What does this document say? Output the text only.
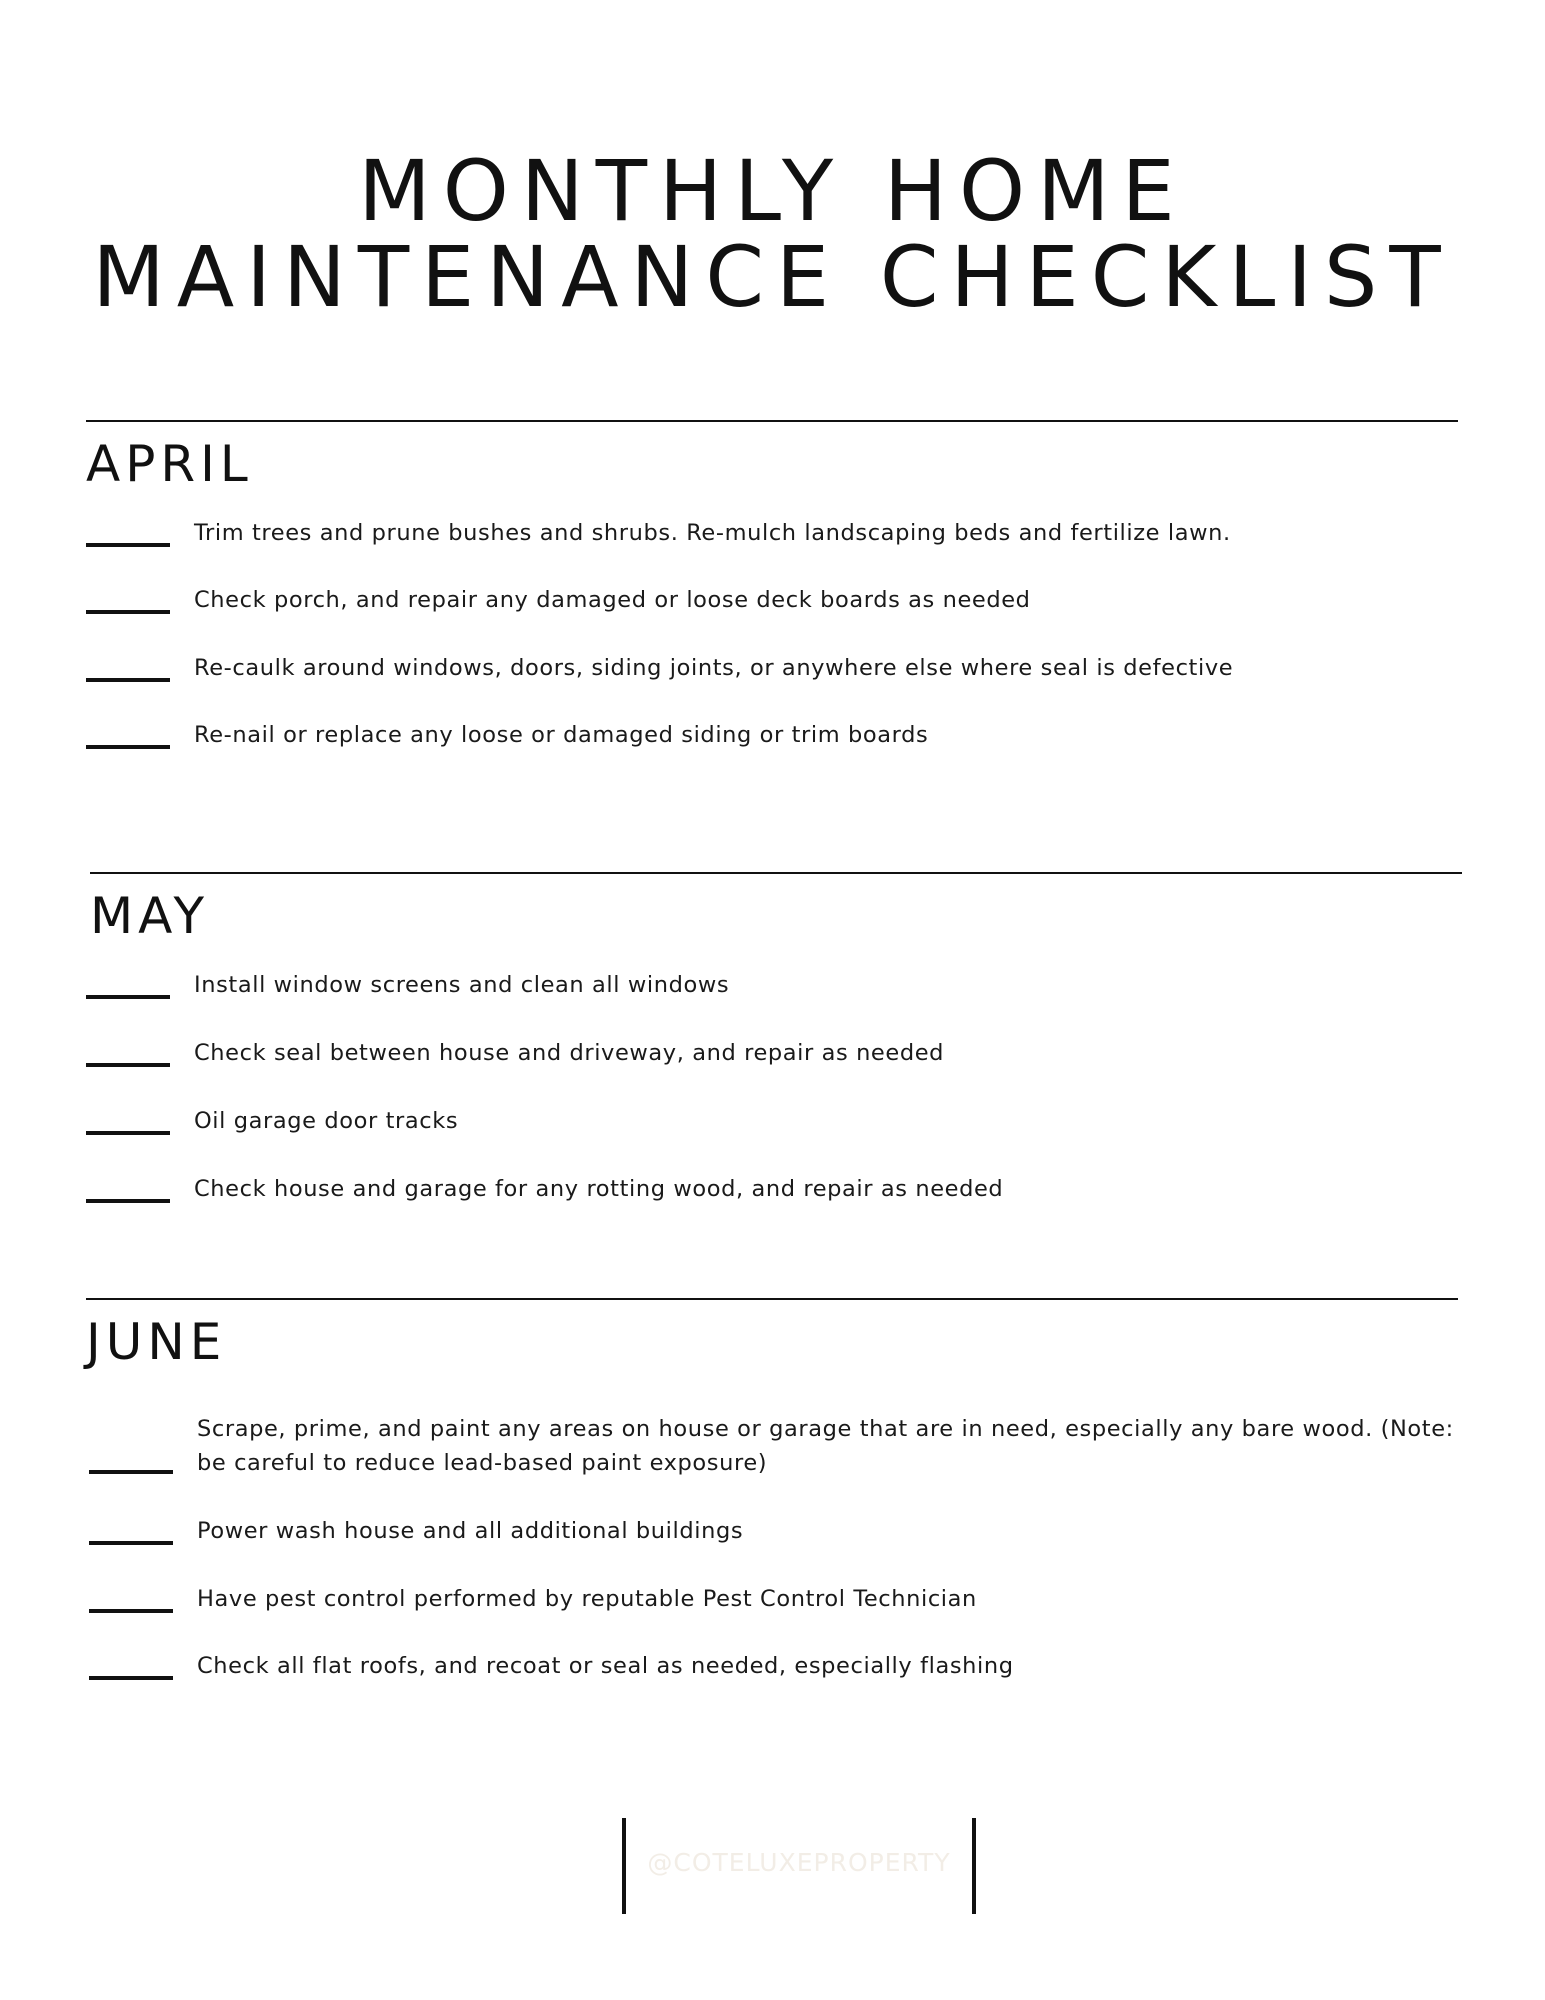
MONTHLY HOME
MAINTENANCE CHECKLIST
APRIL
Trim trees and prune bushes and shrubs. Re-mulch landscaping beds and fertilize lawn.
Check porch, and repair any damaged or loose deck boards as needed
Re-caulk around windows, doors, siding joints, or anywhere else where seal is defective
Re-nail or replace any loose or damaged siding or trim boards
MAY
Install window screens and clean all windows
Check seal between house and driveway, and repair as needed
Oil garage door tracks
Check house and garage for any rotting wood, and repair as needed
JUNE
Scrape, prime, and paint any areas on house or garage that are in need, especially any bare wood. (Note: be careful to reduce lead-based paint exposure)
Power wash house and all additional buildings
Have pest control performed by reputable Pest Control Technician
Check all flat roofs, and recoat or seal as needed, especially flashing
@COTELUXEPROPERTY
